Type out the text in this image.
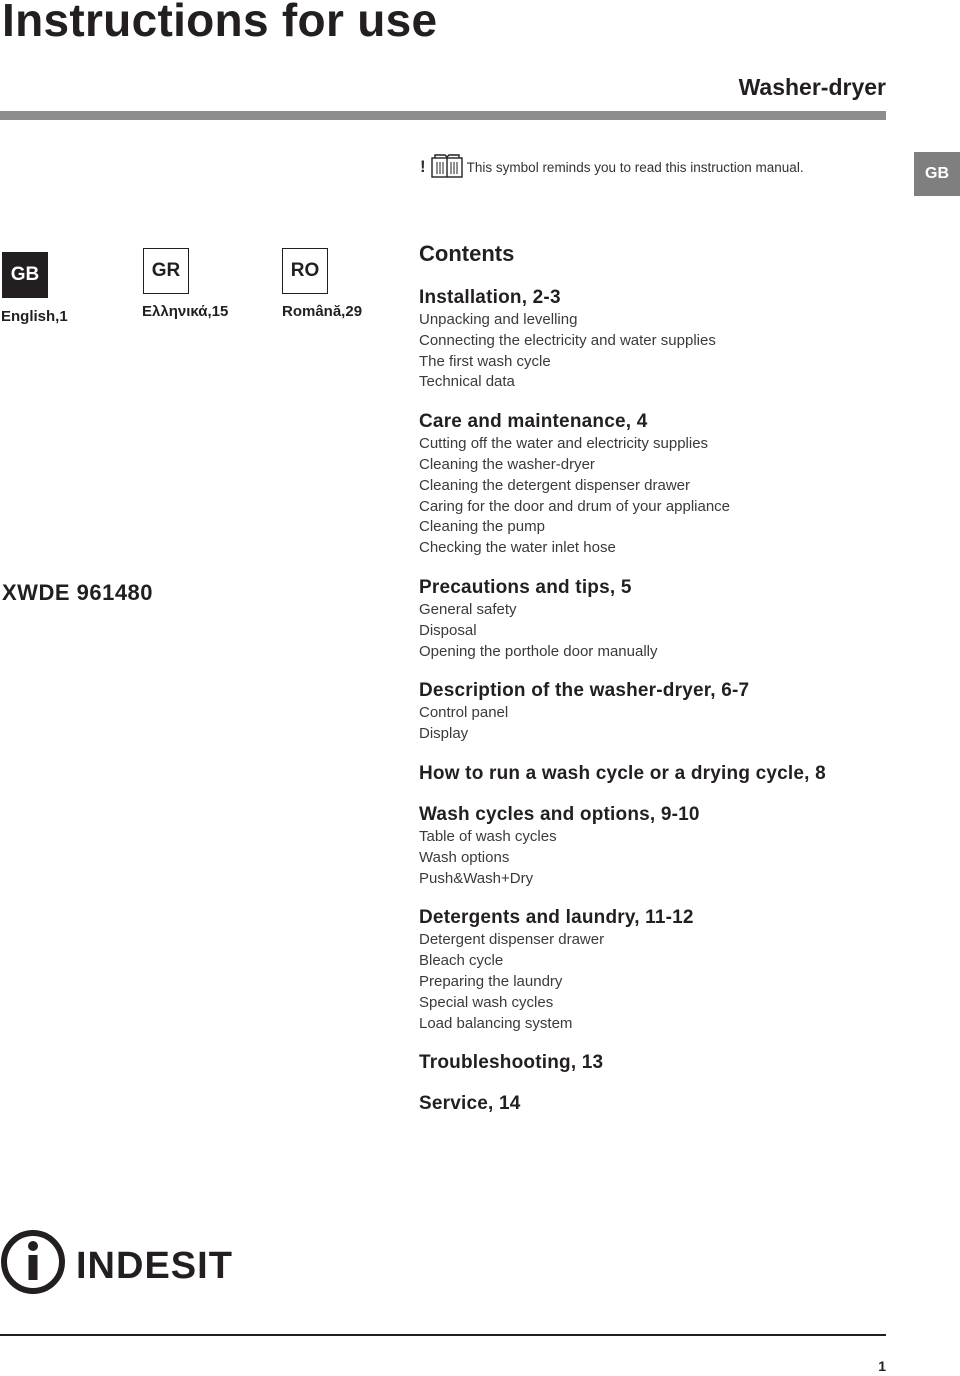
Instructions for use
Washer-dryer
!	This symbol reminds you to read this instruction manual.	GB
GB
English,1
GR
Ελληνικά,15
RO
Română,29
XWDE 961480
Contents
Installation, 2-3
Unpacking and levelling
Connecting the electricity and water supplies
The first wash cycle
Technical data
Care and maintenance, 4
Cutting off the water and electricity supplies
Cleaning the washer-dryer
Cleaning the detergent dispenser drawer
Caring for the door and drum of your appliance
Cleaning the pump
Checking the water inlet hose
Precautions and tips, 5
General safety
Disposal
Opening the porthole door manually
Description of the washer-dryer, 6-7
Control panel
Display
How to run a wash cycle or a drying cycle, 8
Wash cycles and options, 9-10
Table of wash cycles
Wash options
Push&Wash+Dry
Detergents and laundry, 11-12
Detergent dispenser drawer
Bleach cycle
Preparing the laundry
Special wash cycles
Load balancing system
Troubleshooting, 13
Service, 14
INDESIT
1
